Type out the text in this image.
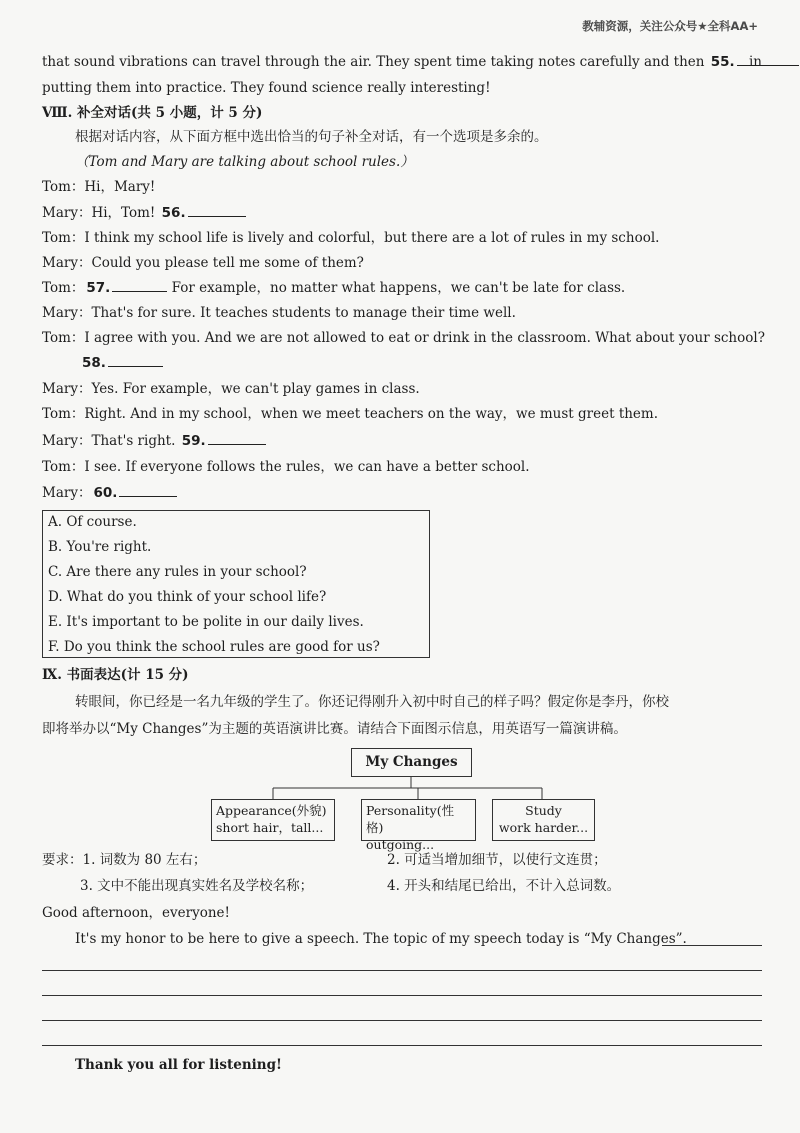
教辅资源，关注公众号★全科AA+
that sound vibrations can travel through the air. They spent time taking notes carefully and then 55. in
putting them into practice. They found science really interesting!
Ⅷ. 补全对话(共 5 小题，计 5 分)
根据对话内容，从下面方框中选出恰当的句子补全对话，有一个选项是多余的。
（Tom and Mary are talking about school rules.）
Tom：Hi，Mary!
Mary：Hi，Tom! 56.
Tom：I think my school life is lively and colorful，but there are a lot of rules in my school.
Mary：Could you please tell me some of them?
Tom： 57.	For example，no matter what happens，we can't be late for class.
Mary：That's for sure. It teaches students to manage their time well.
Tom：I agree with you. And we are not allowed to eat or drink in the classroom. What about your school?
58.
Mary：Yes. For example，we can't play games in class.
Tom：Right. And in my school，when we meet teachers on the way，we must greet them.
Mary：That's right. 59.
Tom：I see. If everyone follows the rules，we can have a better school.
Mary： 60.
A. Of course.
B. You're right.
C. Are there any rules in your school?
D. What do you think of your school life?
E. It's important to be polite in our daily lives.
F. Do you think the school rules are good for us?
Ⅸ. 书面表达(计 15 分)
转眼间，你已经是一名九年级的学生了。你还记得刚升入初中时自己的样子吗？假定你是李丹，你校
即将举办以“My Changes”为主题的英语演讲比赛。请结合下面图示信息，用英语写一篇演讲稿。
My Changes
Appearance(外貌)
short hair，tall...
Personality(性格)
outgoing...
Study
work harder...
要求：1. 词数为 80 左右；	2. 可适当增加细节，以使行文连贯；
3. 文中不能出现真实姓名及学校名称；	4. 开头和结尾已给出，不计入总词数。
Good afternoon，everyone!
It's my honor to be here to give a speech. The topic of my speech today is “My Changes”.
Thank you all for listening!
